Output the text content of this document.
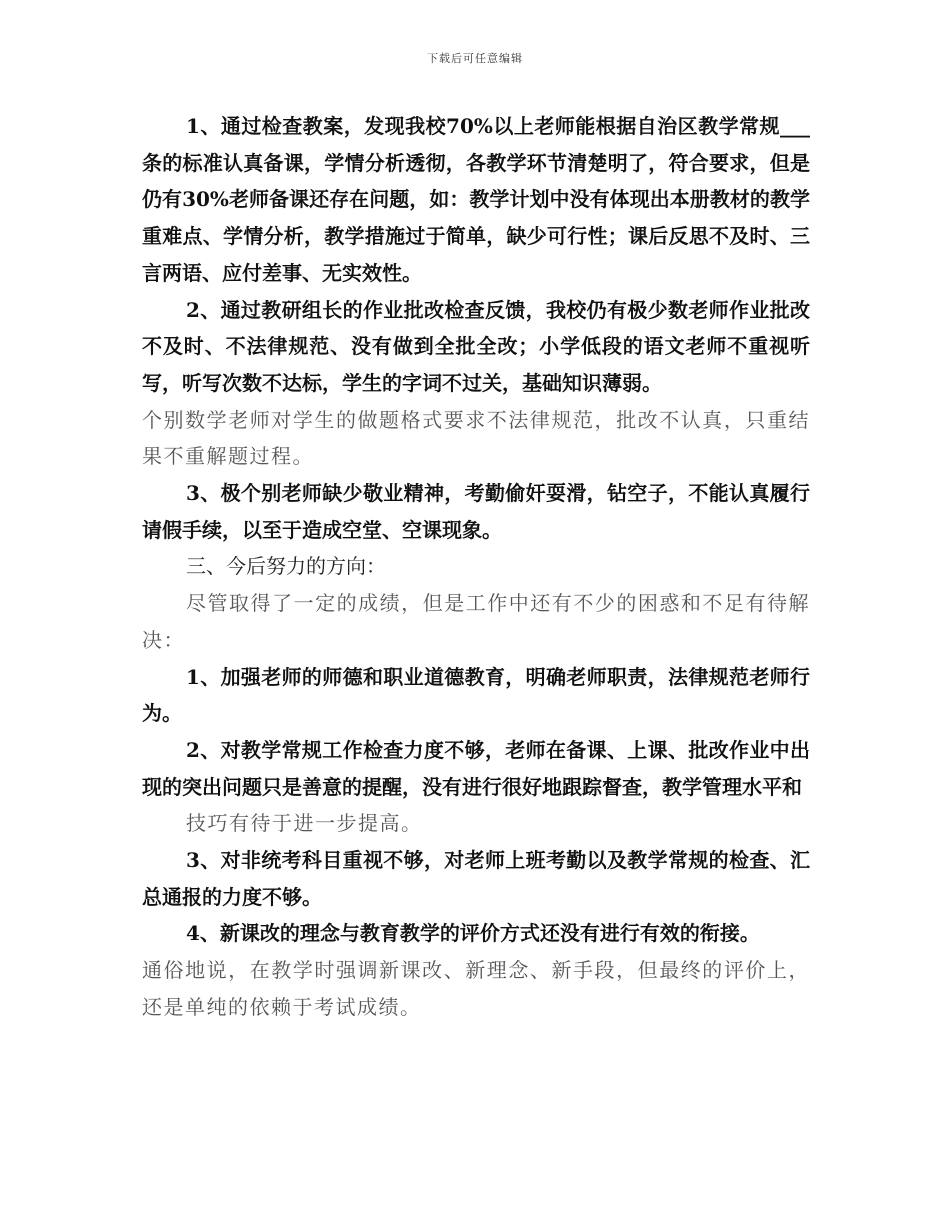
下载后可任意编辑

1、通过检查教案，发现我校70%以上老师能根据自治区教学常规___条的标准认真备课，学情分析透彻，各教学环节清楚明了，符合要求，但是仍有30%老师备课还存在问题，如：教学计划中没有体现出本册教材的教学重难点、学情分析，教学措施过于简单，缺少可行性；课后反思不及时、三言两语、应付差事、无实效性。

2、通过教研组长的作业批改检查反馈，我校仍有极少数老师作业批改不及时、不法律规范、没有做到全批全改；小学低段的语文老师不重视听写，听写次数不达标，学生的字词不过关，基础知识薄弱。

个别数学老师对学生的做题格式要求不法律规范，批改不认真，只重结果不重解题过程。

3、极个别老师缺少敬业精神，考勤偷奸耍滑，钻空子，不能认真履行请假手续，以至于造成空堂、空课现象。

三、今后努力的方向：

尽管取得了一定的成绩，但是工作中还有不少的困惑和不足有待解决：

1、加强老师的师德和职业道德教育，明确老师职责，法律规范老师行为。

2、对教学常规工作检查力度不够，老师在备课、上课、批改作业中出现的突出问题只是善意的提醒，没有进行很好地跟踪督查，教学管理水平和

技巧有待于进一步提高。

3、对非统考科目重视不够，对老师上班考勤以及教学常规的检查、汇总通报的力度不够。

4、新课改的理念与教育教学的评价方式还没有进行有效的衔接。

通俗地说，在教学时强调新课改、新理念、新手段，但最终的评价上，还是单纯的依赖于考试成绩。
